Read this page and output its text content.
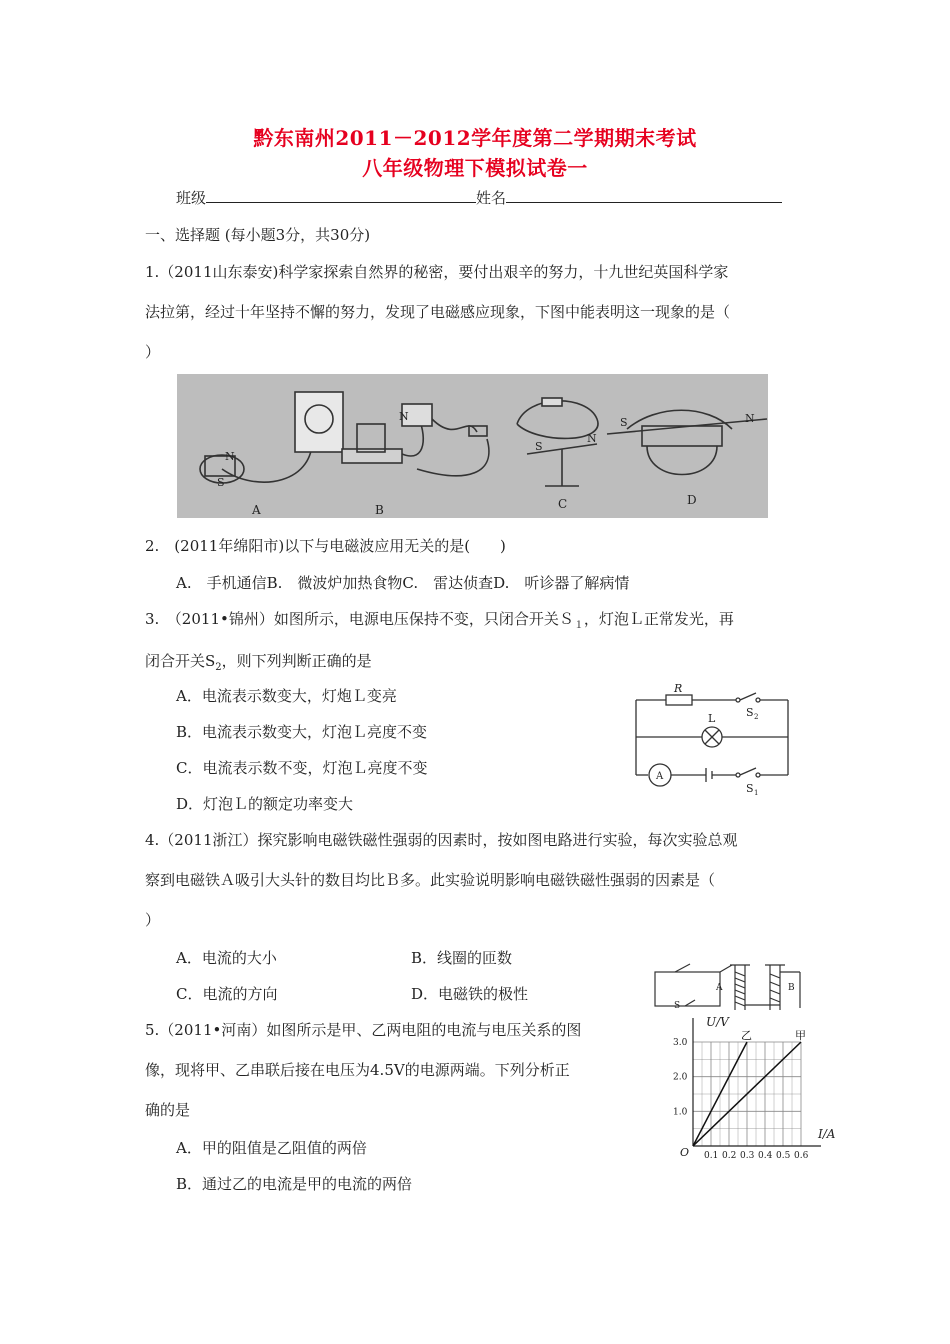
黔东南州2011－2012学年度第二学期期末考试
八年级物理下模拟试卷一
班级	姓名
一、选择题 (每小题3分，共30分)
1.（2011山东泰安)科学家探索自然界的秘密，要付出艰辛的努力，十九世纪英国科学家
法拉第，经过十年坚持不懈的努力，发现了电磁感应现象，下图中能表明这一现象的是（
）
N
S
N
S
N
S	N
A	B	C	D
2.　(2011年绵阳市)以下与电磁波应用无关的是(　　)
A.　手机通信B.　微波炉加热食物C.　雷达侦查D.　听诊器了解病情
3.　（2011•锦州）如图所示，电源电压保持不变，只闭合开关Ｓ$_1$，灯泡Ｌ正常发光，再
闭合开关$S_2$，则下列判断正确的是
A．电流表示数变大，灯炮Ｌ变亮
B．电流表示数变大，灯泡Ｌ亮度不变
C．电流表示数不变，灯泡Ｌ亮度不变
D．灯泡Ｌ的额定功率变大
R
L	S 2
A
S 1
4.（2011浙江）探究影响电磁铁磁性强弱的因素时，按如图电路进行实验，每次实验总观
察到电磁铁Ａ吸引大头针的数目均比Ｂ多。此实验说明影响电磁铁磁性强弱的因素是（
）
A．电流的大小	B．线圈的匝数
C．电流的方向	D．电磁铁的极性	A	B
S
5.（2011•河南）如图所示是甲、乙两电阻的电流与电压关系的图
像，现将甲、乙串联后接在电压为4.5V的电源两端。下列分析正
确的是
A．甲的阻值是乙阻值的两倍
B．通过乙的电流是甲的电流的两倍
乙	甲
0.1 0.2 0.3 0.4 0.5 0.6
1.0
2.0
3.0
U/V
I/A
O
